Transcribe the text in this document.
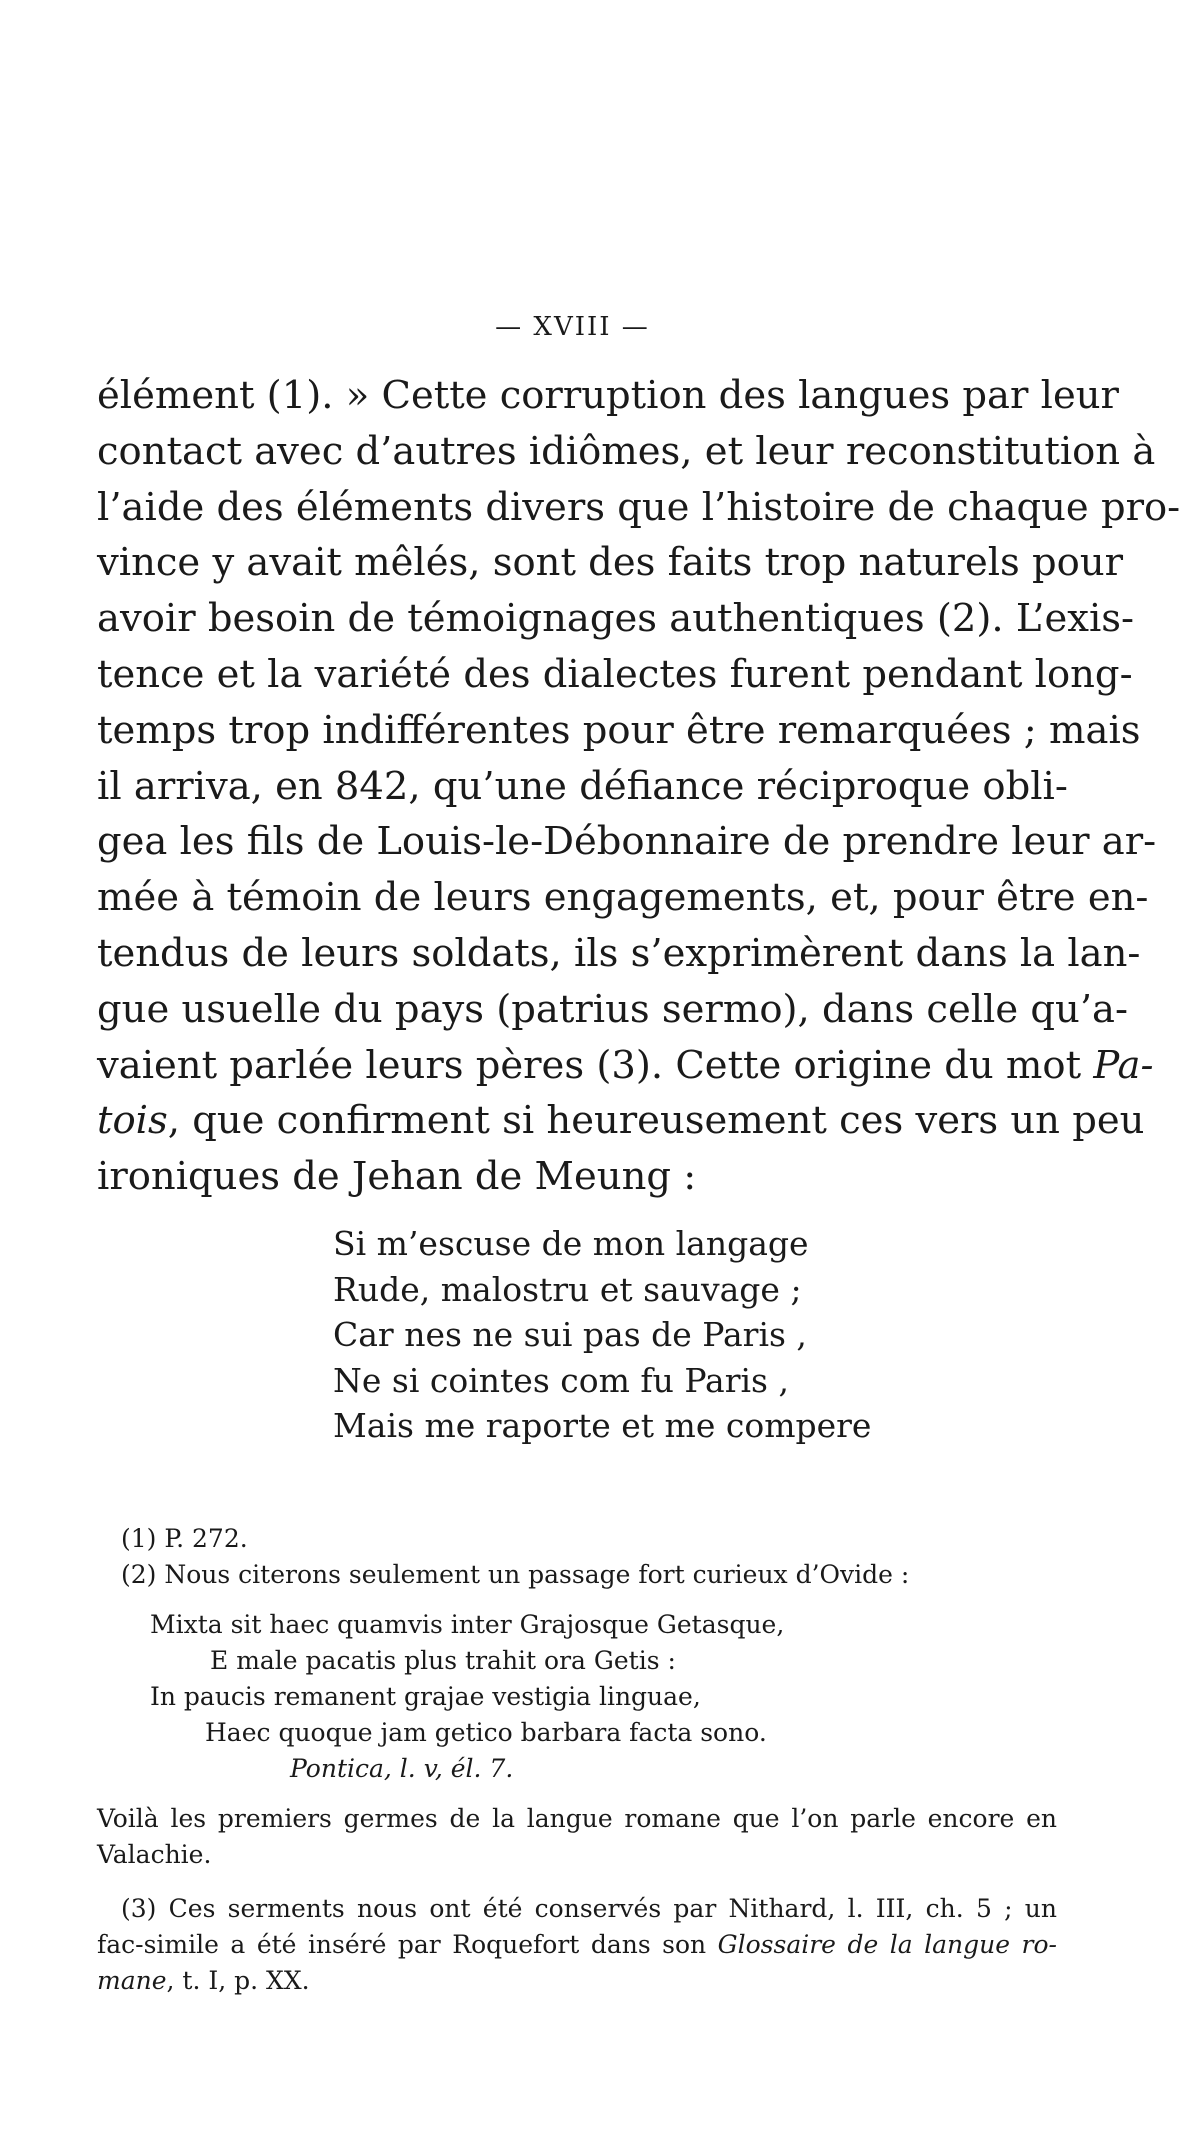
— XVIII —
élément (1). » Cette corruption des langues par leur
contact avec d’autres idiômes, et leur reconstitution à
l’aide des éléments divers que l’histoire de chaque pro-
vince y avait mêlés, sont des faits trop naturels pour
avoir besoin de témoignages authentiques (2). L’exis-
tence et la variété des dialectes furent pendant long-
temps trop indifférentes pour être remarquées ; mais
il arriva, en 842, qu’une défiance réciproque obli-
gea les fils de Louis-le-Débonnaire de prendre leur ar-
mée à témoin de leurs engagements, et, pour être en-
tendus de leurs soldats, ils s’exprimèrent dans la lan-
gue usuelle du pays (patrius sermo), dans celle qu’a-
vaient parlée leurs pères (3). Cette origine du mot Pa-
tois, que confirment si heureusement ces vers un peu
ironiques de Jehan de Meung :
Si m’escuse de mon langage
Rude, malostru et sauvage ;
Car nes ne sui pas de Paris ,
Ne si cointes com fu Paris ,
Mais me raporte et me compere
(1) P. 272.
(2) Nous citerons seulement un passage fort curieux d’Ovide :
Mixta sit haec quamvis inter Grajosque Getasque,
E male pacatis plus trahit ora Getis :
In paucis remanent grajae vestigia linguae,
Haec quoque jam getico barbara facta sono.
Pontica, l. v, él. 7.
Voilà les premiers germes de la langue romane que l’on parle encore en
Valachie.
(3) Ces serments nous ont été conservés par Nithard, l. III, ch. 5 ; un
fac-simile a été inséré par Roquefort dans son Glossaire de la langue ro-
mane, t. I, p. XX.
